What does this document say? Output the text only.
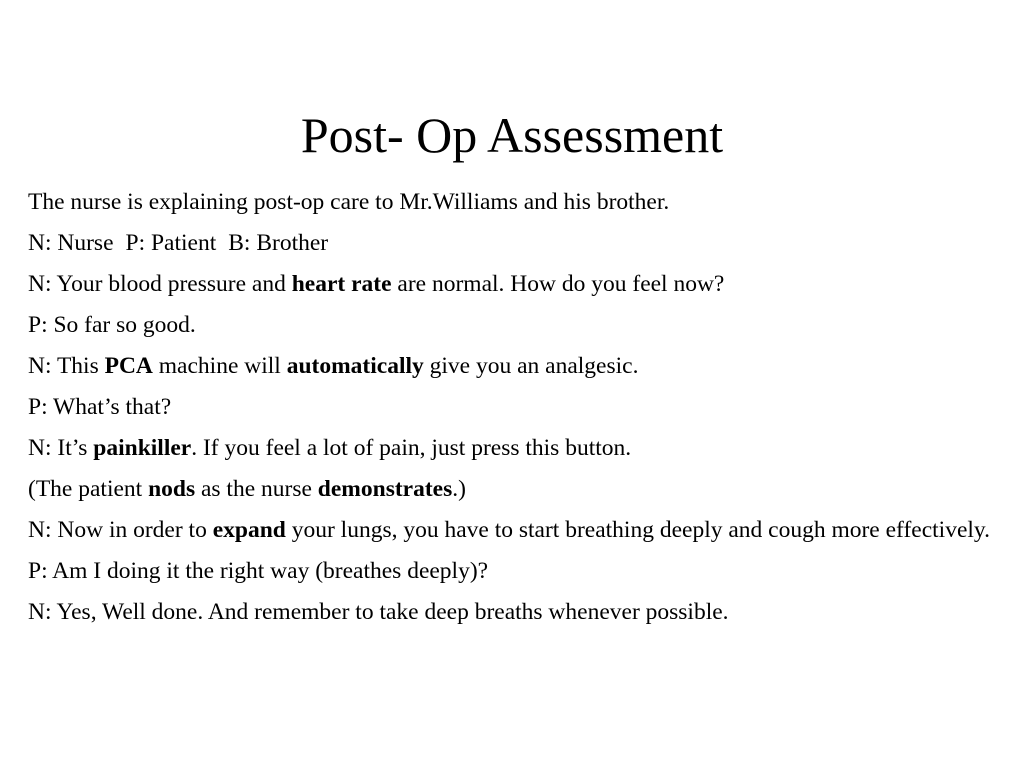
Post- Op Assessment

The nurse is explaining post-op care to Mr.Williams and his brother.

N: Nurse P: Patient B: Brother

N: Your blood pressure and heart rate are normal. How do you feel now?

P: So far so good.

N: This PCA machine will automatically give you an analgesic.

P: What’s that?

N: It’s painkiller. If you feel a lot of pain, just press this button.

(The patient nods as the nurse demonstrates.)

N: Now in order to expand your lungs, you have to start breathing deeply and cough more effectively.

P: Am I doing it the right way (breathes deeply)?

N: Yes, Well done. And remember to take deep breaths whenever possible.
